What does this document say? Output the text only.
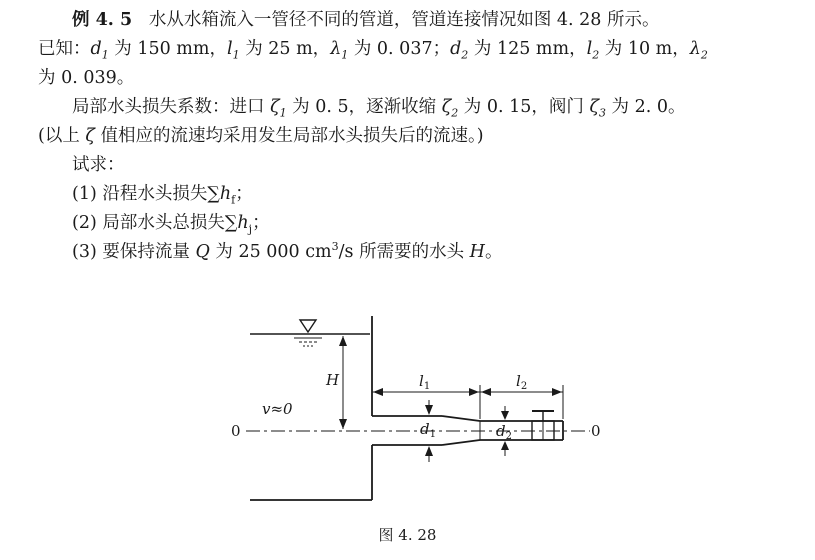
例 4. 5 水从水箱流入一管径不同的管道，管道连接情况如图 4. 28 所示。
已知：$d_1$ 为 150 mm，$l_1$ 为 25 m，$\lambda_1$ 为 0. 037；$d_2$ 为 125 mm，$l_2$ 为 10 m，$\lambda_2$
为 0. 039。
局部水头损失系数：进口 $\zeta_1$ 为 0. 5，逐渐收缩 $\zeta_2$ 为 0. 15，阀门 $\zeta_3$ 为 2. 0。
(以上 ζ 值相应的流速均采用发生局部水头损失后的流速。)
试求：
(1) 沿程水头损失$\sum h_f$；
(2) 局部水头总损失$\sum h_j$；
(3) 要保持流量 Q 为 25 000 $cm^3/s$ 所需要的水头 H。
H
v≈0
$l_1$	$l_2$
$d_1$	$d_2$
0	0
图 4. 28
